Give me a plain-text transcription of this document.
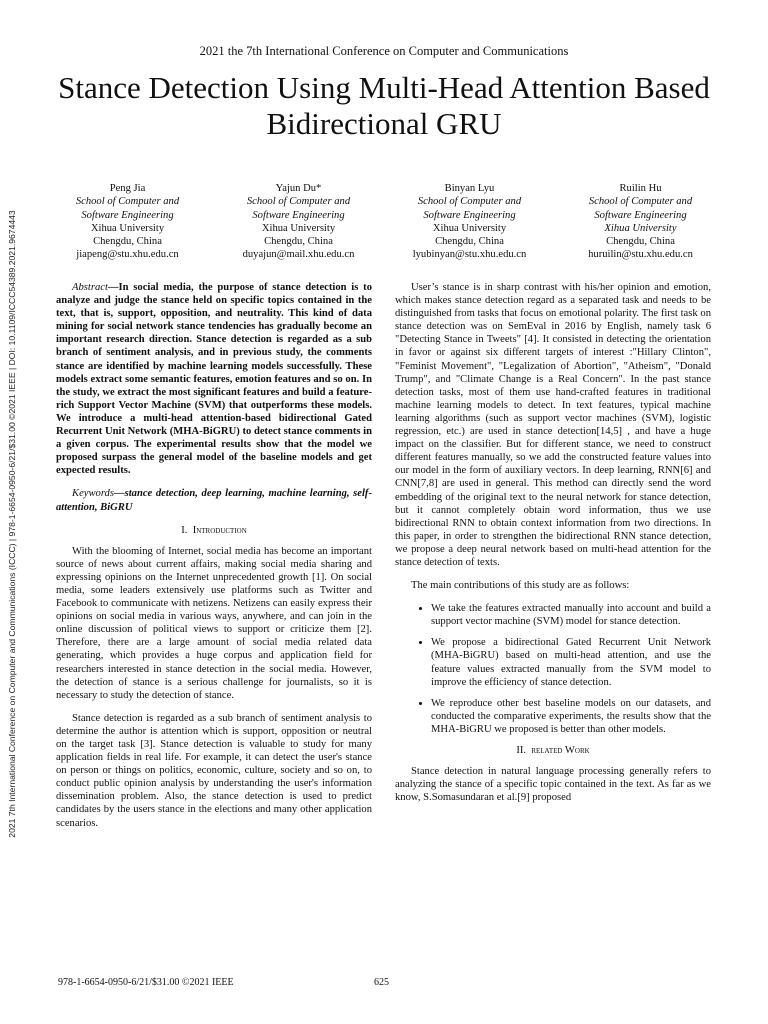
2021 7th International Conference on Computer and Communications (ICCC) | 978-1-6654-0950-6/21/$31.00 ©2021 IEEE | DOI: 10.1109/ICCC54389.2021.9674443
2021 the 7th International Conference on Computer and Communications
Stance Detection Using Multi-Head Attention Based
Bidirectional GRU
Peng Jia
School of Computer and
Software Engineering
Xihua University
Chengdu, China
jiapeng@stu.xhu.edu.cn
Yajun Du*
School of Computer and
Software Engineering
Xihua University
Chengdu, China
duyajun@mail.xhu.edu.cn
Binyan Lyu
School of Computer and
Software Engineering
Xihua University
Chengdu, China
lyubinyan@stu.xhu.edu.cn
Ruilin Hu
School of Computer and
Software Engineering
Xihua University
Chengdu, China
huruilin@stu.xhu.edu.cn

Abstract—In social media, the purpose of stance detection is to analyze and judge the stance held on specific topics contained in the text, that is, support, opposition, and neutrality. This kind of data mining for social network stance tendencies has gradually become an important research direction. Stance detection is regarded as a sub branch of sentiment analysis, and in previous study, the comments stance are identified by machine learning models successfully. These models extract some semantic features, emotion features and so on. In the study, we extract the most significant features and build a feature-rich Support Vector Machine (SVM) that outperforms these models. We introduce a multi-head attention-based bidirectional Gated Recurrent Unit Network (MHA-BiGRU) to detect stance comments in a given corpus. The experimental results show that the model we proposed surpass the general model of the baseline models and get expected results.

Keywords—stance detection, deep learning, machine learning, self-attention, BiGRU

I. Introduction

With the blooming of Internet, social media has become an important source of news about current affairs, making social media sharing and expressing opinions on the Internet unprecedented growth [1]. On social media, some leaders extensively use platforms such as Twitter and Facebook to communicate with netizens. Netizens can easily express their opinions on social media in various ways, anywhere, and can join in the online discussion of political views to support or criticize them [2]. Therefore, there are a large amount of social media related data generating, which provides a huge corpus and application field for researchers interested in stance detection in the social media. However, the detection of stance is a serious challenge for journalists, so it is necessary to study the detection of stance.

Stance detection is regarded as a sub branch of sentiment analysis to determine the author is attention which is support, opposition or neutral on the target task [3]. Stance detection is valuable to study for many application fields in real life. For example, it can detect the user's stance on person or things on politics, economic, culture, society and so on, to conduct public opinion analysis by understanding the user's information dissemination problem. Also, the stance detection is used to predict candidates by the users stance in the elections and many other application scenarios.

User’s stance is in sharp contrast with his/her opinion and emotion, which makes stance detection regard as a separated task and needs to be distinguished from tasks that focus on emotional polarity. The first task on stance detection was on SemEval in 2016 by English, namely task 6 "Detecting Stance in Tweets" [4]. It consisted in detecting the orientation in favor or against six different targets of interest :"Hillary Clinton", "Feminist Movement", "Legalization of Abortion", "Atheism", "Donald Trump", and "Climate Change is a Real Concern". In the past stance detection tasks, most of them use hand-crafted features in traditional machine learning models to detect. In text features, typical machine learning algorithms (such as support vector machines (SVM), logistic regression, etc.) are used in stance detection[14,5] , and have a huge impact on the classifier. But for different stance, we need to construct different features manually, so we add the constructed feature values into our model in the form of auxiliary vectors. In deep learning, RNN[6] and CNN[7,8] are used in general. This method can directly send the word embedding of the original text to the neural network for stance detection, but it cannot completely obtain word information, thus we use bidirectional RNN to obtain context information from two directions. In this paper, in order to strengthen the bidirectional RNN stance detection, we propose a deep neural network based on multi-head attention for the stance detection of texts.

The main contributions of this study are as follows:

• We take the features extracted manually into account and build a support vector machine (SVM) model for stance detection.
• We propose a bidirectional Gated Recurrent Unit Network (MHA-BiGRU) based on multi-head attention, and use the feature values extracted manually from the SVM model to improve the efficiency of stance detection.
• We reproduce other best baseline models on our datasets, and conducted the comparative experiments, the results show that the MHA-BiGRU we proposed is better than other models.
II. related Work

Stance detection in natural language processing generally refers to analyzing the stance of a specific topic contained in the text. As far as we know, S.Somasundaran et al.[9] proposed

978-1-6654-0950-6/21/$31.00 ©2021 IEEE	625
